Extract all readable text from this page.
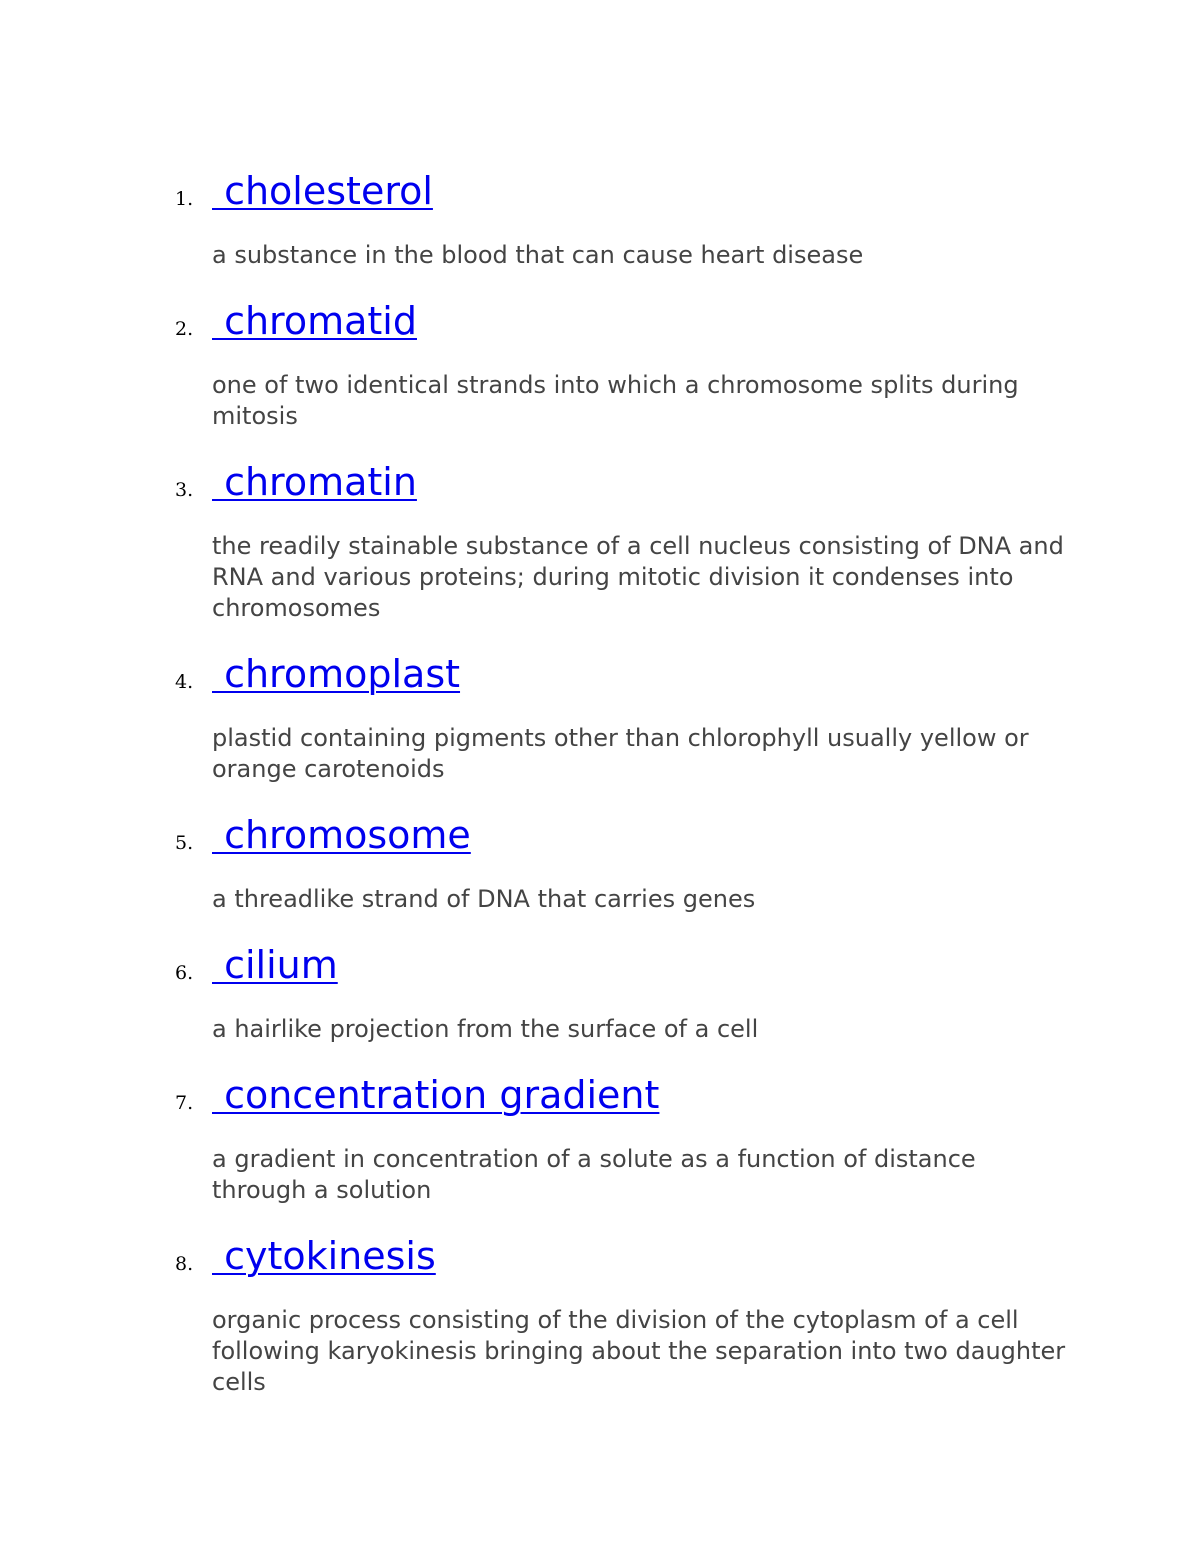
1. cholesterol
a substance in the blood that can cause heart disease
2. chromatid
one of two identical strands into which a chromosome splits during mitosis
3. chromatin
the readily stainable substance of a cell nucleus consisting of DNA and RNA and various proteins; during mitotic division it condenses into chromosomes
4. chromoplast
plastid containing pigments other than chlorophyll usually yellow or orange carotenoids
5. chromosome
a threadlike strand of DNA that carries genes
6. cilium
a hairlike projection from the surface of a cell
7. concentration gradient
a gradient in concentration of a solute as a function of distance through a solution
8. cytokinesis
organic process consisting of the division of the cytoplasm of a cell following karyokinesis bringing about the separation into two daughter cells
